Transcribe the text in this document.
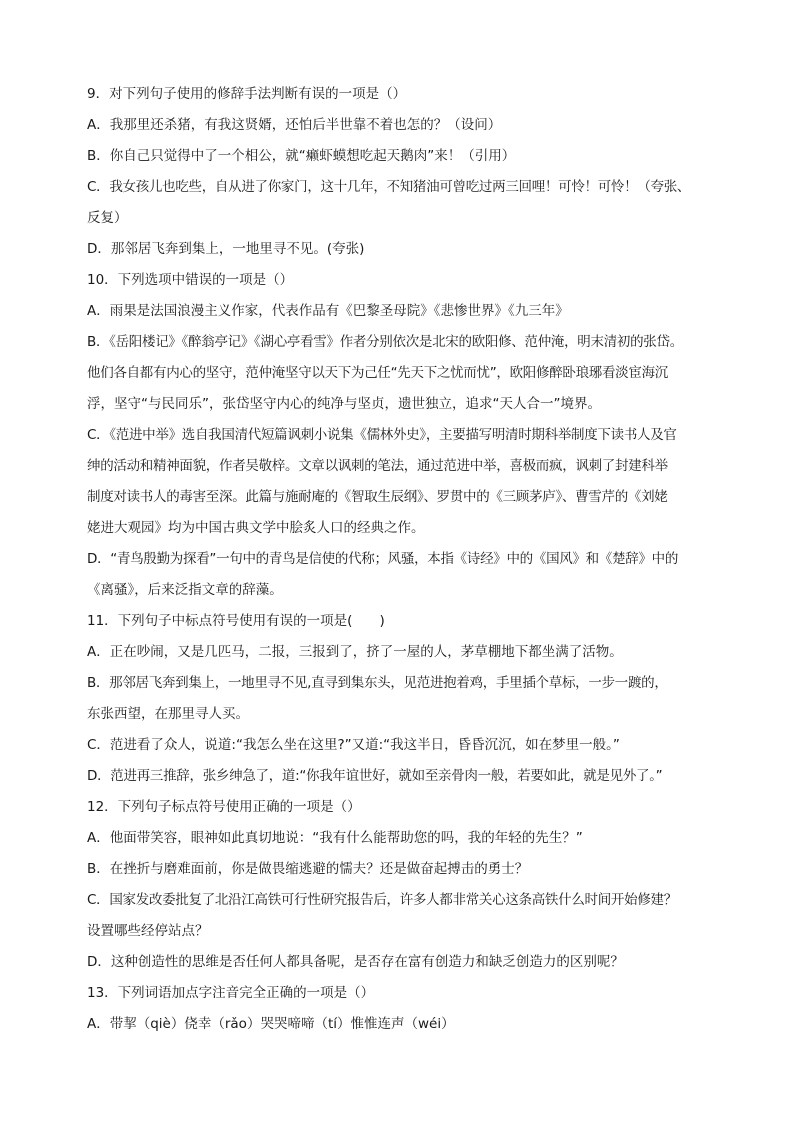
9．对下列句子使用的修辞手法判断有误的一项是（）
A．我那里还杀猪，有我这贤婿，还怕后半世靠不着也怎的？（设问）
B．你自己只觉得中了一个相公，就“癞虾蟆想吃起天鹅肉”来！（引用）
C．我女孩儿也吃些，自从进了你家门，这十几年，不知猪油可曾吃过两三回哩！可怜！可怜！（夸张、
反复）
D．那邻居飞奔到集上，一地里寻不见。(夸张)
10．下列选项中错误的一项是（）
A．雨果是法国浪漫主义作家，代表作品有《巴黎圣母院》《悲惨世界》《九三年》
B．《岳阳楼记》《醉翁亭记》《湖心亭看雪》作者分别依次是北宋的欧阳修、范仲淹，明末清初的张岱。
他们各自都有内心的坚守，范仲淹坚守以天下为己任“先天下之忧而忧”，欧阳修醉卧琅琊看淡宦海沉
浮，坚守“与民同乐”，张岱坚守内心的纯净与坚贞，遗世独立，追求“天人合一”境界。
C．《范进中举》选自我国清代短篇讽刺小说集《儒林外史》，主要描写明清时期科举制度下读书人及官
绅的活动和精神面貌，作者吴敬梓。文章以讽刺的笔法，通过范进中举，喜极而疯，讽刺了封建科举
制度对读书人的毒害至深。此篇与施耐庵的《智取生辰纲》、罗贯中的《三顾茅庐》、曹雪芹的《刘姥
姥进大观园》均为中国古典文学中脍炙人口的经典之作。
D．“青鸟殷勤为探看”一句中的青鸟是信使的代称；风骚，本指《诗经》中的《国风》和《楚辞》中的
《离骚》，后来泛指文章的辞藻。
11．下列句子中标点符号使用有误的一项是(　　)
A．正在吵闹，又是几匹马，二报，三报到了，挤了一屋的人，茅草棚地下都坐满了活物。
B．那邻居飞奔到集上，一地里寻不见,直寻到集东头，见范进抱着鸡，手里插个草标，一步一踱的，
东张西望，在那里寻人买。
C．范进看了众人，说道:“我怎么坐在这里?”又道:“我这半日，昏昏沉沉，如在梦里一般。”
D．范进再三推辞，张乡绅急了，道:“你我年谊世好，就如至亲骨肉一般，若要如此，就是见外了。”
12．下列句子标点符号使用正确的一项是（）
A．他面带笑容，眼神如此真切地说：“我有什么能帮助您的吗，我的年轻的先生？”
B．在挫折与磨难面前，你是做畏缩逃避的懦夫？还是做奋起搏击的勇士？
C．国家发改委批复了北沿江高铁可行性研究报告后，许多人都非常关心这条高铁什么时间开始修建？
设置哪些经停站点？
D．这种创造性的思维是否任何人都具备呢，是否存在富有创造力和缺乏创造力的区别呢？
13．下列词语加点字注音完全正确的一项是（）
A．带挈（qiè）侥幸（rǎo）哭哭啼啼（tí）惟惟连声（wéi）
